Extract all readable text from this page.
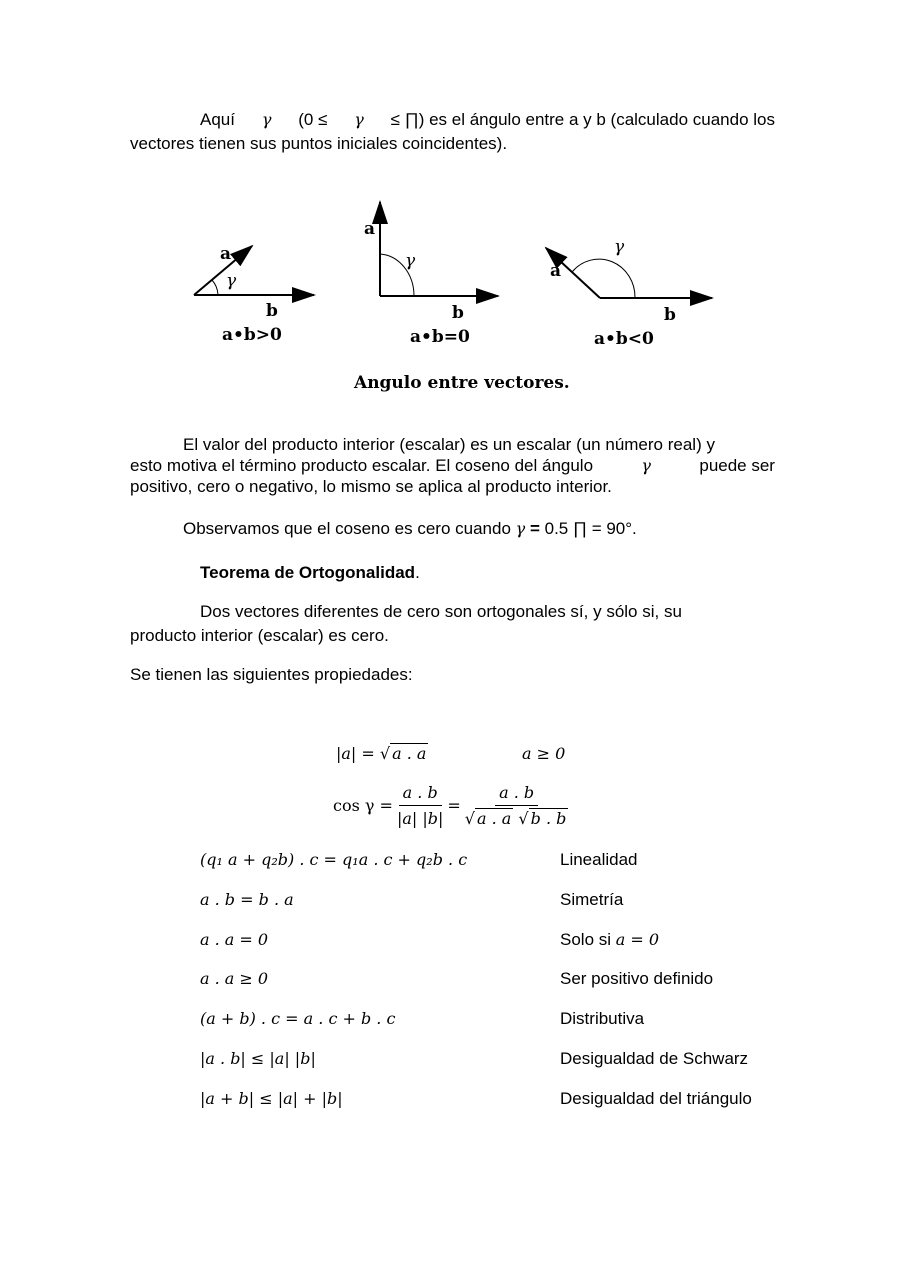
Aquí γ (0 ≤ γ ≤ ∏) es el ángulo entre a y b (calculado cuando los
vectores tienen sus puntos iniciales coincidentes).
a
γ
b
a•b>0
a
γ
b
a•b=0
γ
a
b
a•b<0
Angulo entre vectores.
El valor del producto interior (escalar) es un escalar (un número real) y
esto motiva el término producto escalar. El coseno del ángulo	γ	puede ser
positivo, cero o negativo, lo mismo se aplica al producto interior.
Observamos que el coseno es cero cuando γ = 0.5 ∏ = 90°.
Teorema de Ortogonalidad.
Dos vectores diferentes de cero son ortogonales sí, y sólo si, su
producto interior (escalar) es cero.
Se tienen las siguientes propiedades:
|a| = √ a . a	a ≥ 0
$\cos \gamma = \frac{a . b}{|a| |b|} = \frac{a . b}{√ a . a √ b . b}$
(q₁ a + q₂b) . c = q₁a . c + q₂b . c	Linealidad
a . b = b . a	Simetría
a . a = 0	Solo si a = 0
a . a ≥ 0	Ser positivo definido
(a + b) . c = a . c + b . c	Distributiva
|a . b| ≤ |a| |b|	Desigualdad de Schwarz
|a + b| ≤ |a| + |b|	Desigualdad del triángulo
